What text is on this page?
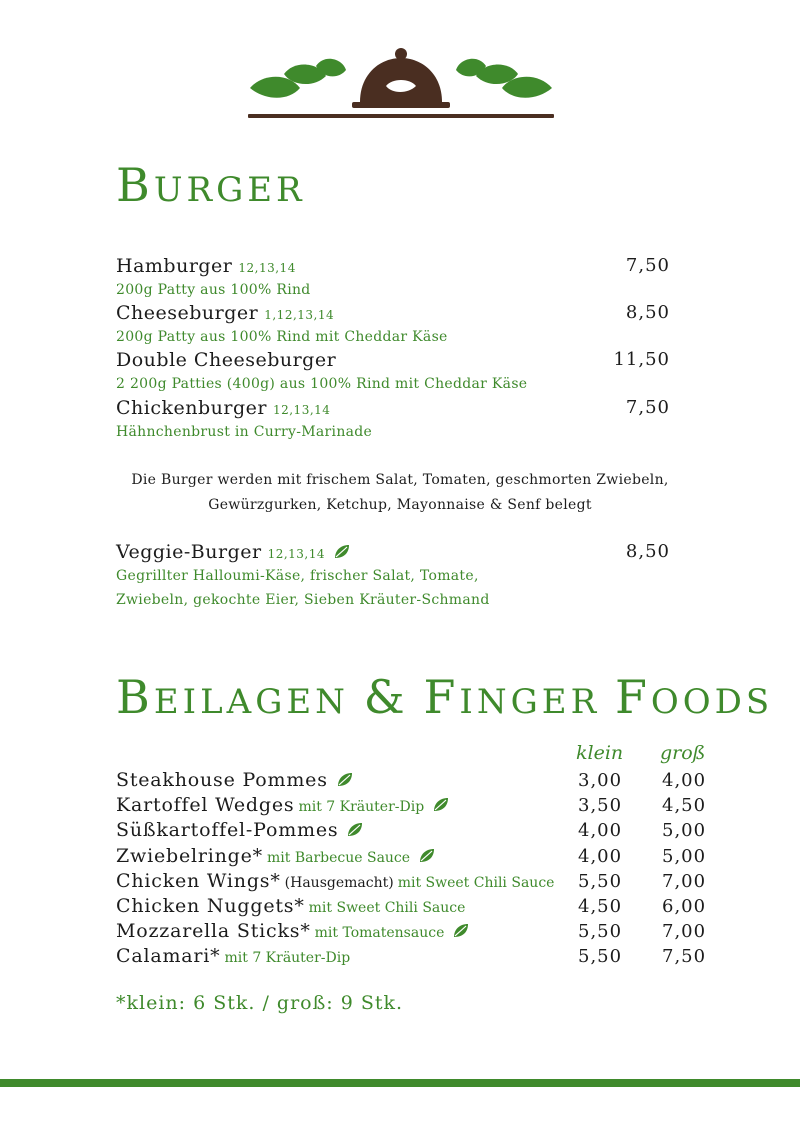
BURGER
Hamburger 12,13,14	7,50
200g Patty aus 100% Rind
Cheeseburger 1,12,13,14	8,50
200g Patty aus 100% Rind mit Cheddar Käse
Double Cheeseburger	11,50
2 200g Patties (400g) aus 100% Rind mit Cheddar Käse
Chickenburger 12,13,14	7,50
Hähnchenbrust in Curry-Marinade
Die Burger werden mit frischem Salat, Tomaten, geschmorten Zwiebeln,
Gewürzgurken, Ketchup, Mayonnaise & Senf belegt
Veggie-Burger 12,13,14	8,50
Gegrillter Halloumi-Käse, frischer Salat, Tomate,
Zwiebeln, gekochte Eier, Sieben Kräuter-Schmand
BEILAGEN & FINGER FOODS
klein groß
Steakhouse Pommes	3,00 4,00
Kartoffel Wedges mit 7 Kräuter-Dip	3,50 4,50
Süßkartoffel-Pommes	4,00 5,00
Zwiebelringe* mit Barbecue Sauce	4,00 5,00
Chicken Wings* (Hausgemacht) mit Sweet Chili Sauce 5,50 7,00
Chicken Nuggets* mit Sweet Chili Sauce	4,50 6,00
Mozzarella Sticks* mit Tomatensauce	5,50 7,00
Calamari* mit 7 Kräuter-Dip	5,50 7,50
*klein: 6 Stk. / groß: 9 Stk.
